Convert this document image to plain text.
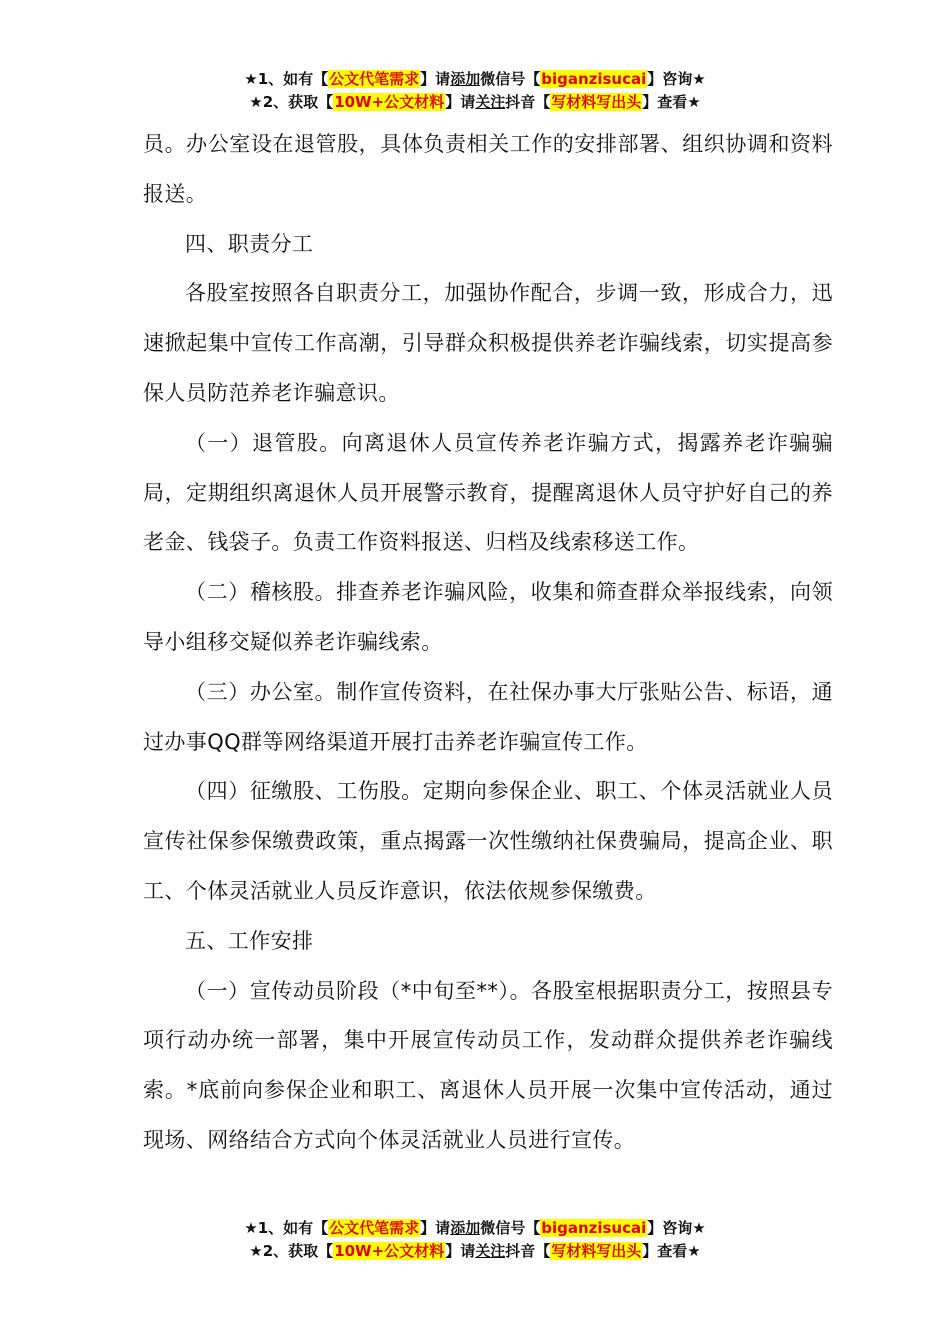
★1、如有【公文代笔需求】请添加微信号【biganzisucai】咨询★
★2、获取【10W+公文材料】请关注抖音【写材料写出头】查看★

员。办公室设在退管股，具体负责相关工作的安排部署、组织协调和资料报送。

四、职责分工

各股室按照各自职责分工，加强协作配合，步调一致，形成合力，迅速掀起集中宣传工作高潮，引导群众积极提供养老诈骗线索，切实提高参保人员防范养老诈骗意识。

（一）退管股。向离退休人员宣传养老诈骗方式，揭露养老诈骗骗局，定期组织离退休人员开展警示教育，提醒离退休人员守护好自己的养老金、钱袋子。负责工作资料报送、归档及线索移送工作。

（二）稽核股。排查养老诈骗风险，收集和筛查群众举报线索，向领导小组移交疑似养老诈骗线索。

（三）办公室。制作宣传资料，在社保办事大厅张贴公告、标语，通过办事QQ群等网络渠道开展打击养老诈骗宣传工作。

（四）征缴股、工伤股。定期向参保企业、职工、个体灵活就业人员宣传社保参保缴费政策，重点揭露一次性缴纳社保费骗局，提高企业、职工、个体灵活就业人员反诈意识，依法依规参保缴费。

五、工作安排

（一）宣传动员阶段（*中旬至**）。各股室根据职责分工，按照县专项行动办统一部署，集中开展宣传动员工作，发动群众提供养老诈骗线索。*底前向参保企业和职工、离退休人员开展一次集中宣传活动，通过现场、网络结合方式向个体灵活就业人员进行宣传。

★1、如有【公文代笔需求】请添加微信号【biganzisucai】咨询★
★2、获取【10W+公文材料】请关注抖音【写材料写出头】查看★
